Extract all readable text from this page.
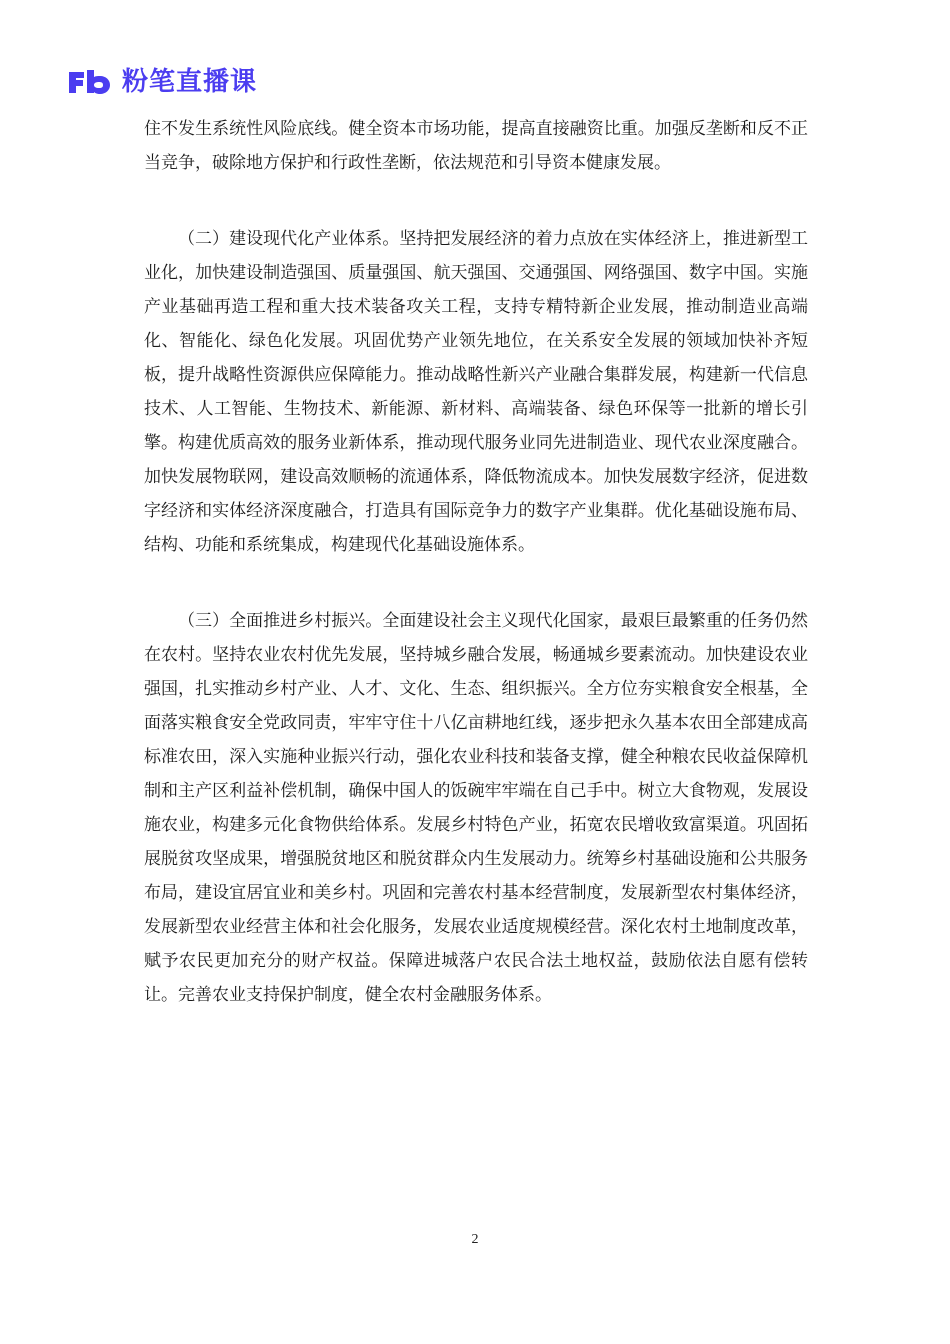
粉笔直播课

住不发生系统性风险底线。健全资本市场功能，提高直接融资比重。加强反垄断和反不正当竞争，破除地方保护和行政性垄断，依法规范和引导资本健康发展。

（二）建设现代化产业体系。坚持把发展经济的着力点放在实体经济上，推进新型工业化，加快建设制造强国、质量强国、航天强国、交通强国、网络强国、数字中国。实施产业基础再造工程和重大技术装备攻关工程，支持专精特新企业发展，推动制造业高端化、智能化、绿色化发展。巩固优势产业领先地位，在关系安全发展的领域加快补齐短板，提升战略性资源供应保障能力。推动战略性新兴产业融合集群发展，构建新一代信息技术、人工智能、生物技术、新能源、新材料、高端装备、绿色环保等一批新的增长引擎。构建优质高效的服务业新体系，推动现代服务业同先进制造业、现代农业深度融合。加快发展物联网，建设高效顺畅的流通体系，降低物流成本。加快发展数字经济，促进数字经济和实体经济深度融合，打造具有国际竞争力的数字产业集群。优化基础设施布局、结构、功能和系统集成，构建现代化基础设施体系。

（三）全面推进乡村振兴。全面建设社会主义现代化国家，最艰巨最繁重的任务仍然在农村。坚持农业农村优先发展，坚持城乡融合发展，畅通城乡要素流动。加快建设农业强国，扎实推动乡村产业、人才、文化、生态、组织振兴。全方位夯实粮食安全根基，全面落实粮食安全党政同责，牢牢守住十八亿亩耕地红线，逐步把永久基本农田全部建成高标准农田，深入实施种业振兴行动，强化农业科技和装备支撑，健全种粮农民收益保障机制和主产区利益补偿机制，确保中国人的饭碗牢牢端在自己手中。树立大食物观，发展设施农业，构建多元化食物供给体系。发展乡村特色产业，拓宽农民增收致富渠道。巩固拓展脱贫攻坚成果，增强脱贫地区和脱贫群众内生发展动力。统筹乡村基础设施和公共服务布局，建设宜居宜业和美乡村。巩固和完善农村基本经营制度，发展新型农村集体经济，发展新型农业经营主体和社会化服务，发展农业适度规模经营。深化农村土地制度改革，赋予农民更加充分的财产权益。保障进城落户农民合法土地权益，鼓励依法自愿有偿转让。完善农业支持保护制度，健全农村金融服务体系。

2
